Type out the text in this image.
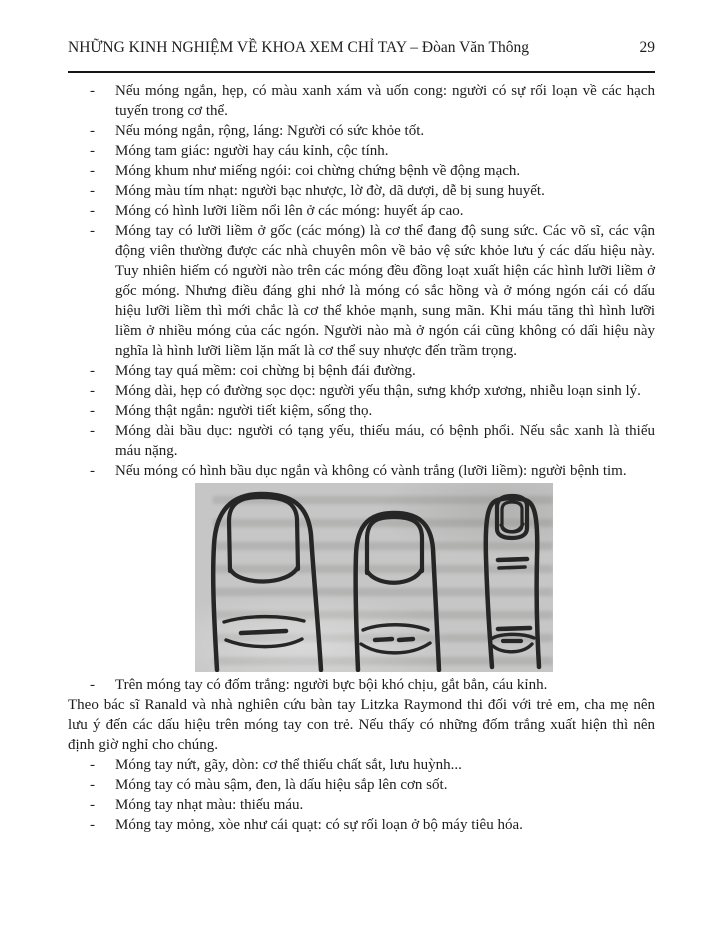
NHỮNG KINH NGHIỆM VỀ KHOA XEM CHỈ TAY – Đòan Văn Thông	29
- Nếu móng ngắn, hẹp, có màu xanh xám và uốn cong: người có sự rối loạn về các hạch tuyến trong cơ thể.
- Nếu móng ngắn, rộng, láng: Người có sức khỏe tốt.
- Móng tam giác: người hay cáu kỉnh, cộc tính.
- Móng khum như miếng ngói: coi chừng chứng bệnh về động mạch.
- Móng màu tím nhạt: người bạc nhược, lờ đờ, dã dượi, dễ bị sung huyết.
- Móng có hình lưỡi liềm nổi lên ở các móng: huyết áp cao.
- Móng tay có lưỡi liềm ở gốc (các móng) là cơ thể đang độ sung sức. Các võ sĩ, các vận động viên thường được các nhà chuyên môn về bảo vệ sức khỏe lưu ý các dấu hiệu này. Tuy nhiên hiếm có người nào trên các móng đều đồng loạt xuất hiện các hình lưỡi liềm ở gốc móng. Nhưng điều đáng ghi nhớ là móng có sắc hồng và ở móng ngón cái có dấu hiệu lưỡi liềm thì mới chắc là cơ thể khỏe mạnh, sung mãn. Khi máu tăng thì hình lưỡi liềm ở nhiều móng của các ngón. Người nào mà ở ngón cái cũng không có dấi hiệu này nghĩa là hình lưỡi liềm lặn mất là cơ thể suy nhược đến trầm trọng.
- Móng tay quá mềm: coi chừng bị bệnh đái đường.
- Móng dài, hẹp có đường sọc dọc: người yếu thận, sưng khớp xương, nhiễu loạn sinh lý.
- Móng thật ngắn: người tiết kiệm, sống thọ.
- Móng dài bầu dục: người có tạng yếu, thiếu máu, có bệnh phổi. Nếu sắc xanh là thiếu máu nặng.
- Nếu móng có hình bầu dục ngắn và không có vành trắng (lưỡi liềm): người bệnh tim.
- Trên móng tay có đốm trắng: người bực bội khó chịu, gắt bẳn, cáu kỉnh.

Theo bác sĩ Ranald và nhà nghiên cứu bàn tay Litzka Raymond thi đối với trẻ em, cha mẹ nên lưu ý đến các dấu hiệu trên móng tay con trẻ. Nếu thấy có những đốm trắng xuất hiện thì nên định giờ nghỉ cho chúng.

- Móng tay nứt, gãy, dòn: cơ thể thiếu chất sắt, lưu huỳnh...
- Móng tay có màu sậm, đen, là dấu hiệu sắp lên cơn sốt.
- Móng tay nhạt màu: thiếu máu.
- Móng tay mỏng, xòe như cái quạt: có sự rối loạn ở bộ máy tiêu hóa.
